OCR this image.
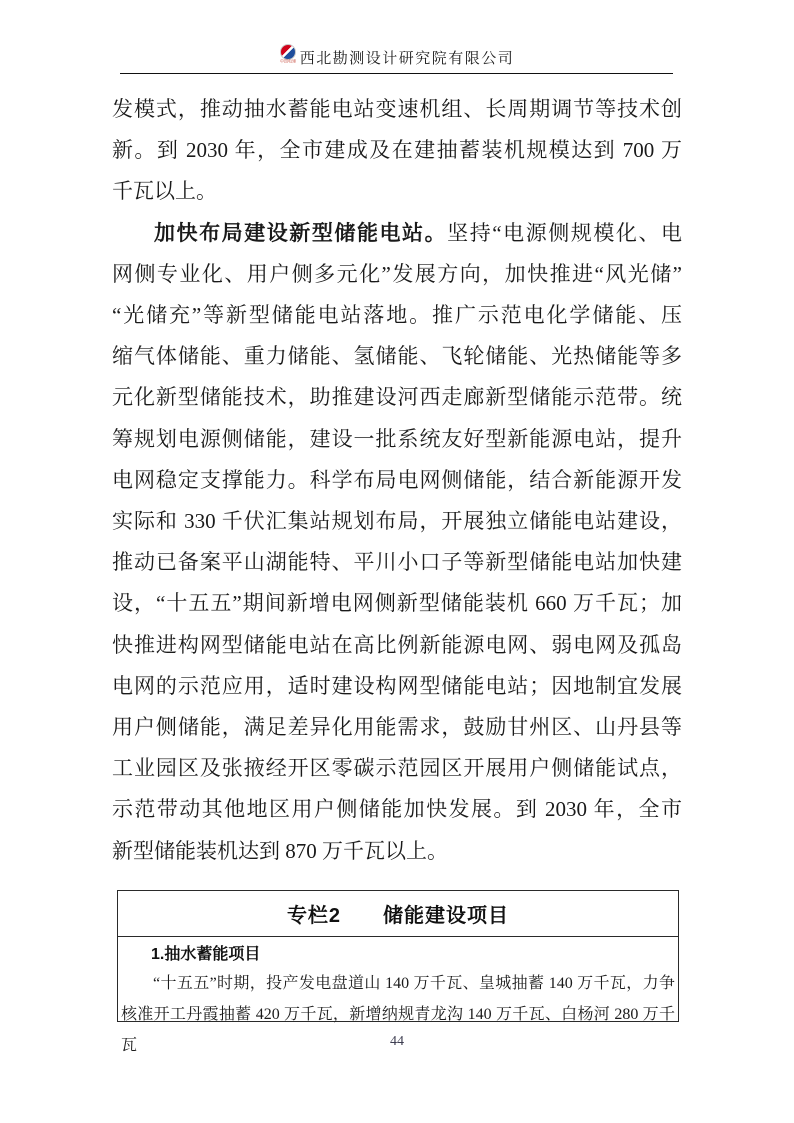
中国电建 西北勘测设计研究院有限公司
发模式，推动抽水蓄能电站变速机组、长周期调节等技术创
新。到 2030 年，全市建成及在建抽蓄装机规模达到 700 万
千瓦以上。
加快布局建设新型储能电站。坚持“电源侧规模化、电
网侧专业化、用户侧多元化”发展方向，加快推进“风光储”
“光储充”等新型储能电站落地。推广示范电化学储能、压
缩气体储能、重力储能、氢储能、飞轮储能、光热储能等多
元化新型储能技术，助推建设河西走廊新型储能示范带。统
筹规划电源侧储能，建设一批系统友好型新能源电站，提升
电网稳定支撑能力。科学布局电网侧储能，结合新能源开发
实际和 330 千伏汇集站规划布局，开展独立储能电站建设，
推动已备案平山湖能特、平川小口子等新型储能电站加快建
设，“十五五”期间新增电网侧新型储能装机 660 万千瓦；加
快推进构网型储能电站在高比例新能源电网、弱电网及孤岛
电网的示范应用，适时建设构网型储能电站；因地制宜发展
用户侧储能，满足差异化用能需求，鼓励甘州区、山丹县等
工业园区及张掖经开区零碳示范园区开展用户侧储能试点，
示范带动其他地区用户侧储能加快发展。到 2030 年，全市
新型储能装机达到 870 万千瓦以上。
专栏2　　储能建设项目
1.抽水蓄能项目
“十五五”时期，投产发电盘道山 140 万千瓦、皇城抽蓄 140 万千瓦，力争
核准开工丹霞抽蓄 420 万千瓦，新增纳规青龙沟 140 万千瓦、白杨河 280 万千瓦	44
